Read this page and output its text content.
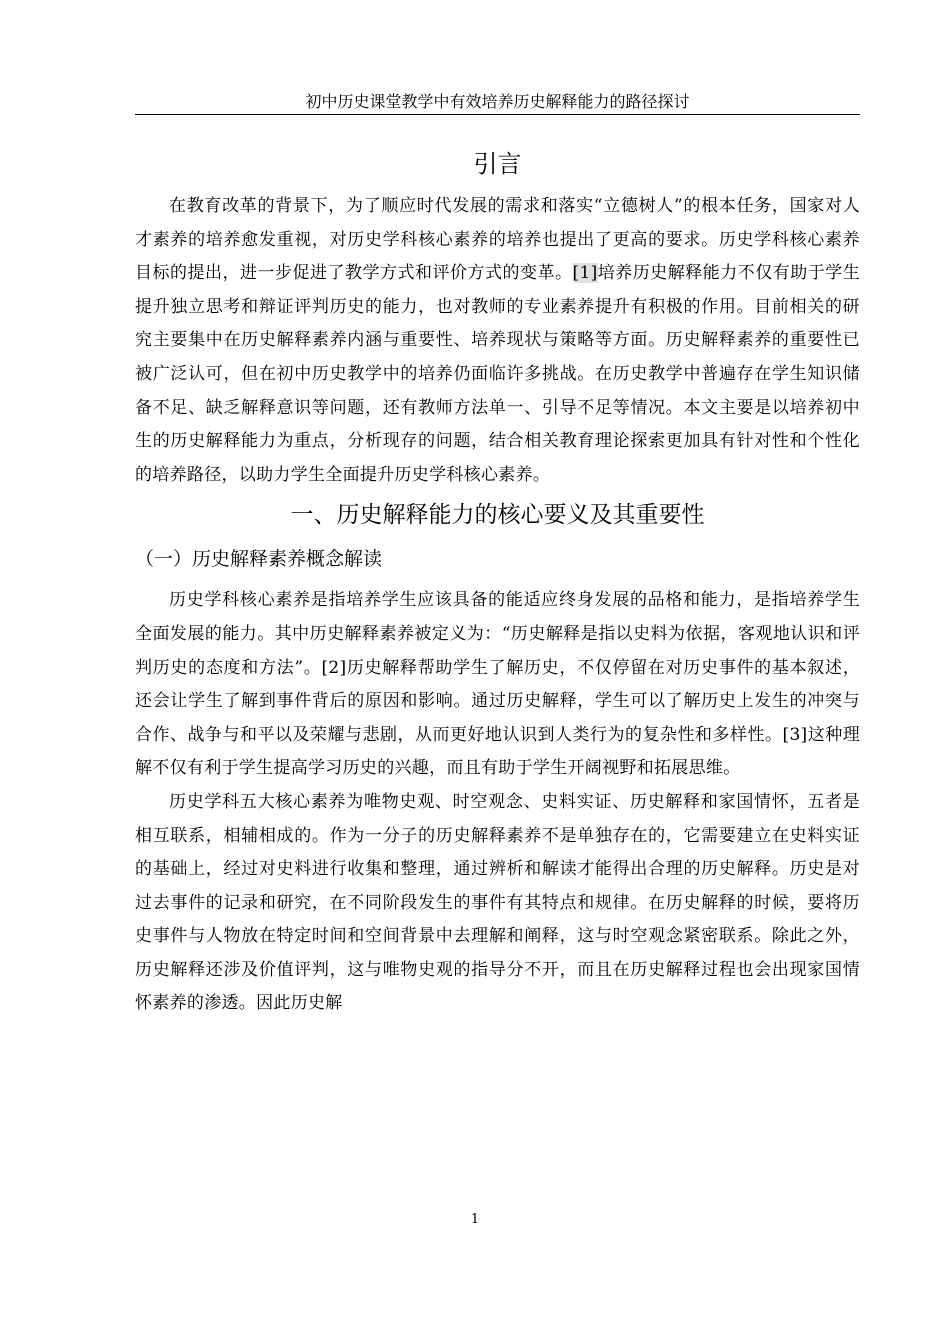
初中历史课堂教学中有效培养历史解释能力的路径探讨
引言

在教育改革的背景下，为了顺应时代发展的需求和落实“立德树人”的根本任务，国家对人才素养的培养愈发重视，对历史学科核心素养的培养也提出了更高的要求。历史学科核心素养目标的提出，进一步促进了教学方式和评价方式的变革。[1]培养历史解释能力不仅有助于学生提升独立思考和辩证评判历史的能力，也对教师的专业素养提升有积极的作用。目前相关的研究主要集中在历史解释素养内涵与重要性、培养现状与策略等方面。历史解释素养的重要性已被广泛认可，但在初中历史教学中的培养仍面临许多挑战。在历史教学中普遍存在学生知识储备不足、缺乏解释意识等问题，还有教师方法单一、引导不足等情况。本文主要是以培养初中生的历史解释能力为重点，分析现存的问题，结合相关教育理论探索更加具有针对性和个性化的培养路径，以助力学生全面提升历史学科核心素养。

一、历史解释能力的核心要义及其重要性
（一）历史解释素养概念解读

历史学科核心素养是指培养学生应该具备的能适应终身发展的品格和能力，是指培养学生全面发展的能力。其中历史解释素养被定义为：“历史解释是指以史料为依据，客观地认识和评判历史的态度和方法”。[2]历史解释帮助学生了解历史，不仅停留在对历史事件的基本叙述，还会让学生了解到事件背后的原因和影响。通过历史解释，学生可以了解历史上发生的冲突与合作、战争与和平以及荣耀与悲剧，从而更好地认识到人类行为的复杂性和多样性。[3]这种理解不仅有利于学生提高学习历史的兴趣，而且有助于学生开阔视野和拓展思维。

历史学科五大核心素养为唯物史观、时空观念、史料实证、历史解释和家国情怀，五者是相互联系，相辅相成的。作为一分子的历史解释素养不是单独存在的，它需要建立在史料实证的基础上，经过对史料进行收集和整理，通过辨析和解读才能得出合理的历史解释。历史是对过去事件的记录和研究，在不同阶段发生的事件有其特点和规律。在历史解释的时候，要将历史事件与人物放在特定时间和空间背景中去理解和阐释，这与时空观念紧密联系。除此之外，历史解释还涉及价值评判，这与唯物史观的指导分不开，而且在历史解释过程也会出现家国情怀素养的渗透。因此历史解

1
